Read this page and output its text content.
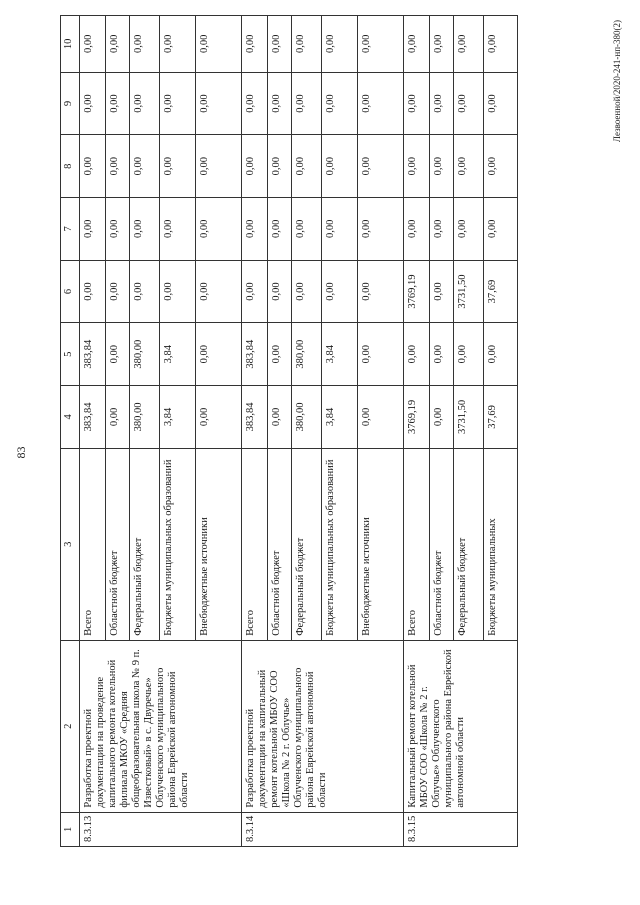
83
1	2	3	4	5	6	7	8	9	10
8.3.13	Разработка проектной документации на проведение капитального ремонта котельной филиала МКОУ «Средняя общеобразовательная школа № 9 п. Известковый» в с. Двуречье» Облученского муниципального района Еврейской автономной области	Всего	383,84	383,84	0,00	0,00	0,00	0,00	0,00

		Областной бюджет	0,00	0,00	0,00	0,00	0,00	0,00	0,00

		Федеральный бюджет	380,00	380,00	0,00	0,00	0,00	0,00	0,00

		Бюджеты муниципальных образований	3,84	3,84	0,00	0,00	0,00	0,00	0,00

		Внебюджетные источники	0,00	0,00	0,00	0,00	0,00	0,00	0,00

8.3.14	Разработка проектной документации на капитальный ремонт котельной МБОУ СОО «Школа № 2 г. Облучье» Облученского муниципального района Еврейской автономной области	Всего	383,84	383,84	0,00	0,00	0,00	0,00	0,00

		Областной бюджет	0,00	0,00	0,00	0,00	0,00	0,00	0,00

		Федеральный бюджет	380,00	380,00	0,00	0,00	0,00	0,00	0,00

		Бюджеты муниципальных образований	3,84	3,84	0,00	0,00	0,00	0,00	0,00

		Внебюджетные источники	0,00	0,00	0,00	0,00	0,00	0,00	0,00

8.3.15	Капитальный ремонт котельной МБОУ СОО «Школа № 2 г. Облучье» Облученского муниципального района Еврейской автономной области	Всего	3769,19	0,00	3769,19	0,00	0,00	0,00	0,00

		Областной бюджет	0,00	0,00	0,00	0,00	0,00	0,00	0,00

		Федеральный бюджет	3731,50	0,00	3731,50	0,00	0,00	0,00	0,00

		Бюджеты муниципальных	37,69	0,00	37,69	0,00	0,00	0,00	0,00	Лезвоенной/2020-241-нп-380(2)
